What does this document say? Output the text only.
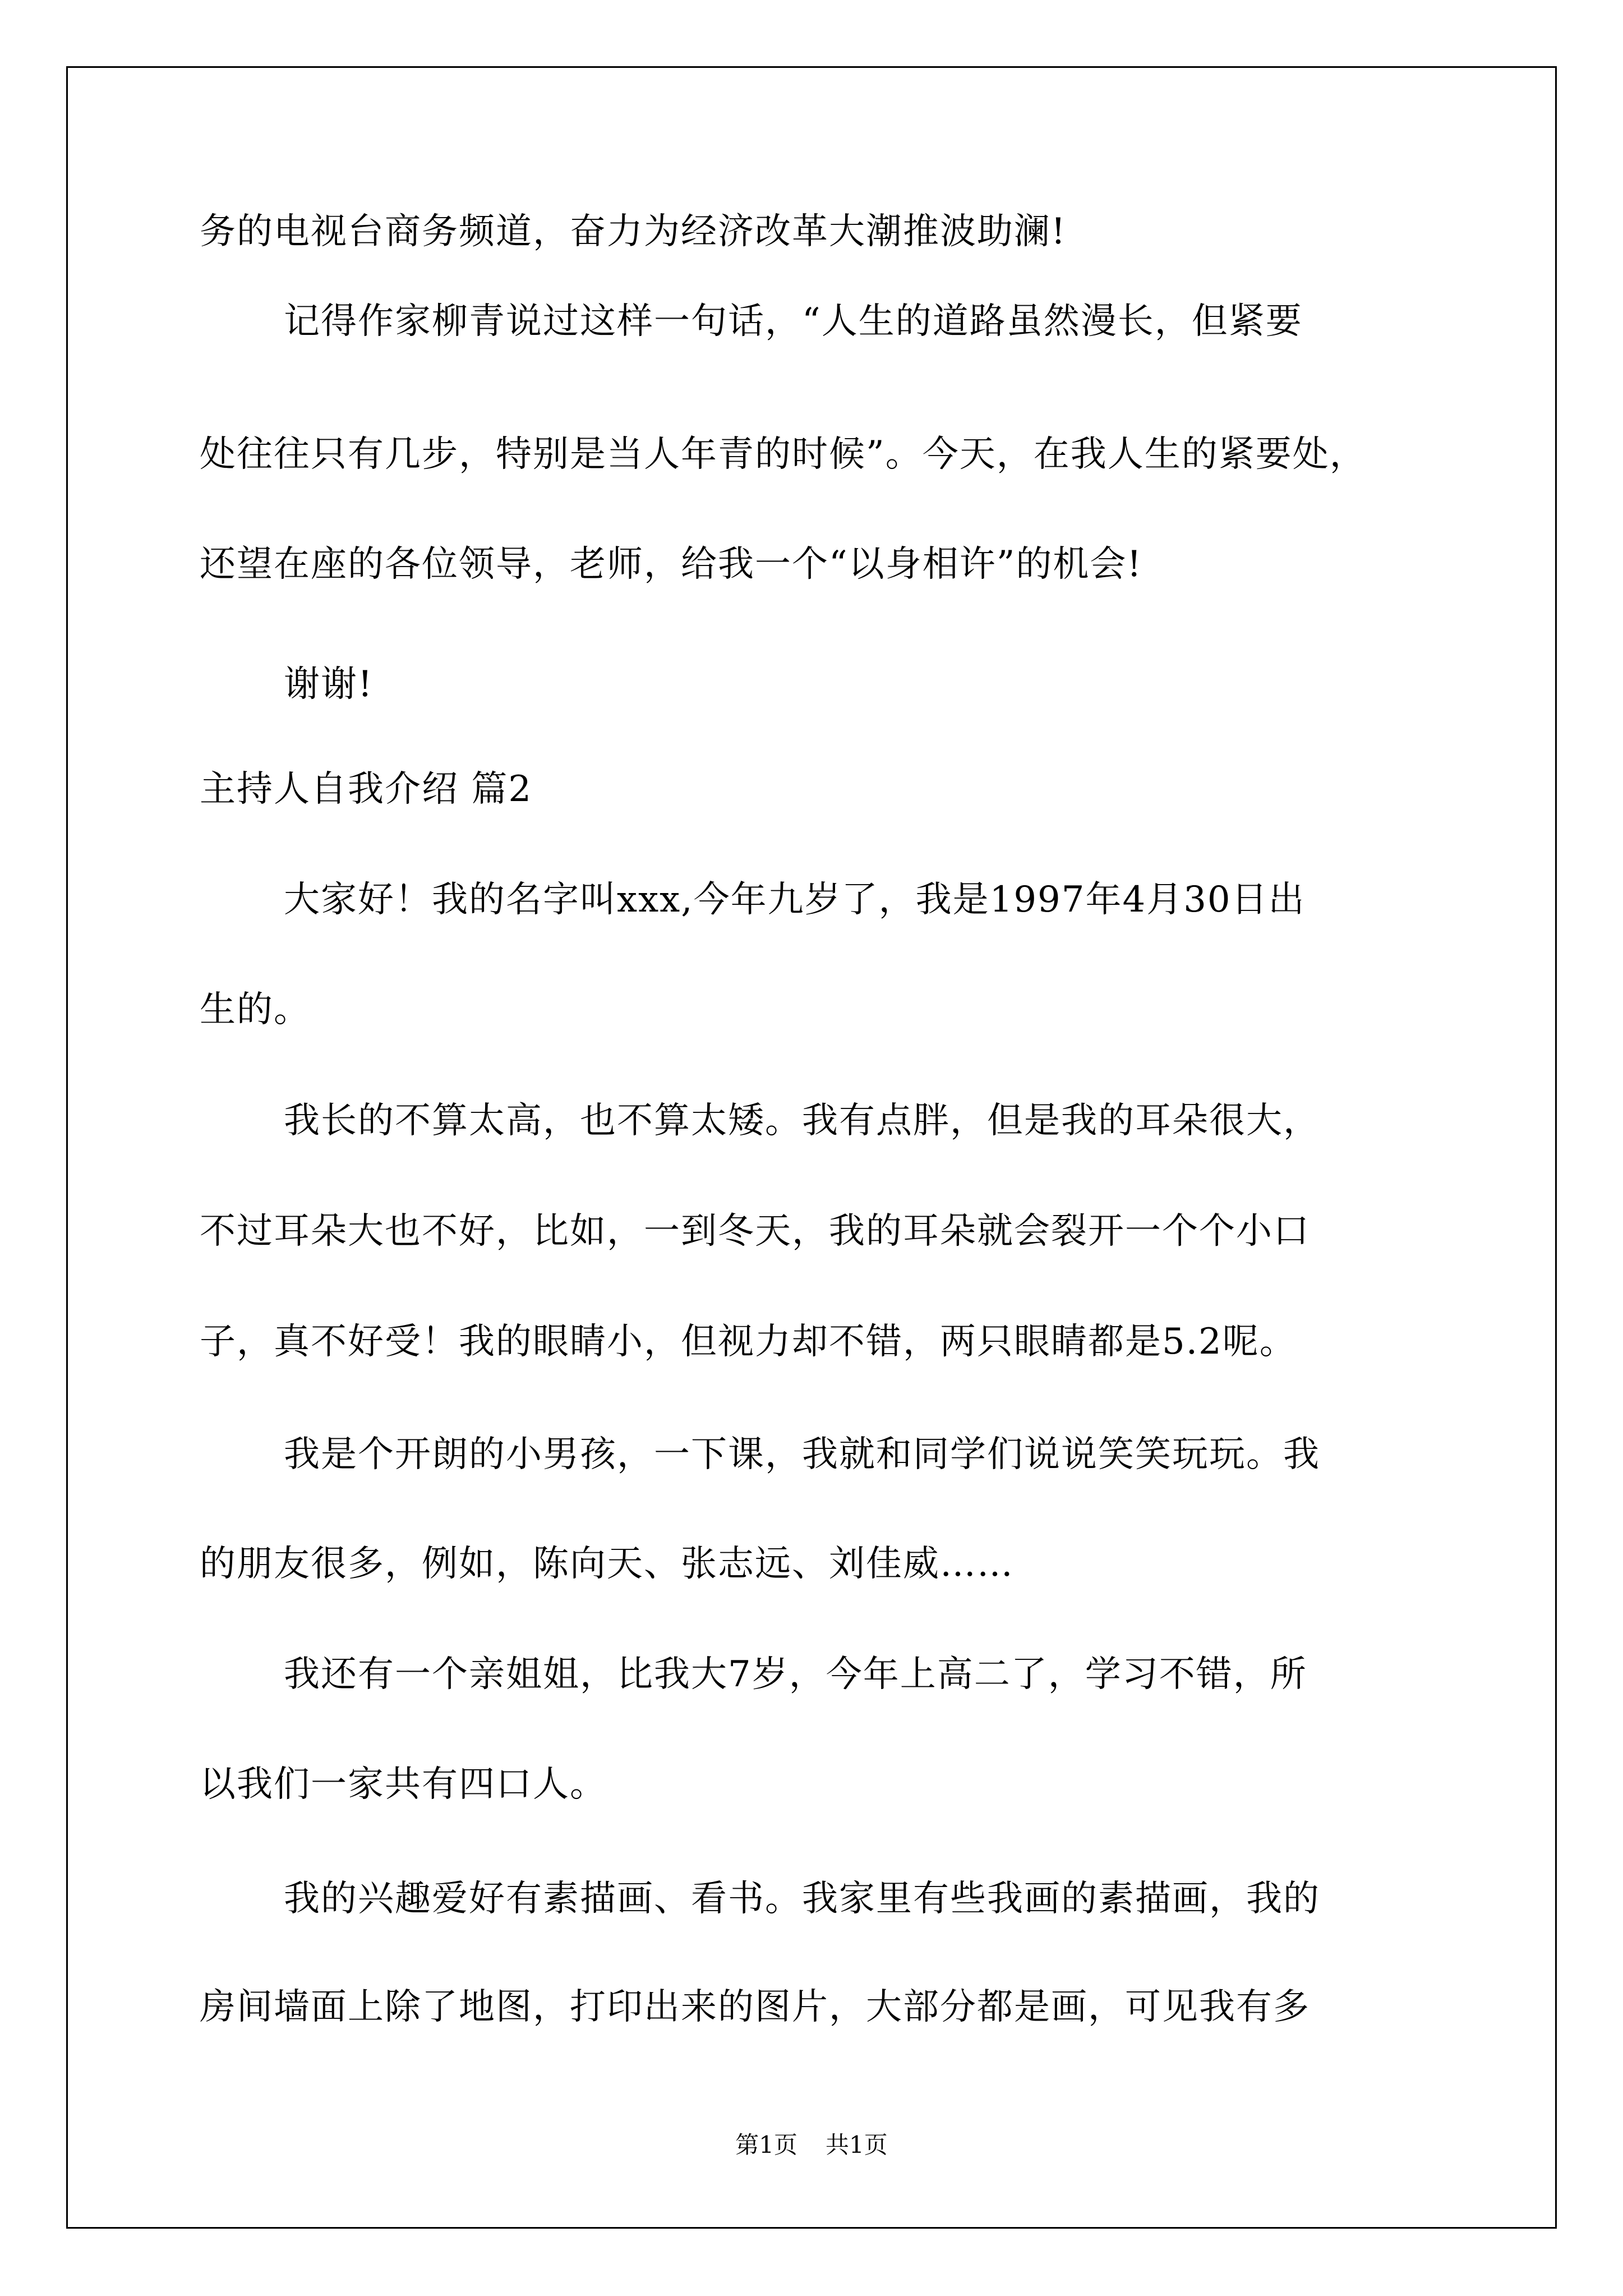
务的电视台商务频道，奋力为经济改革大潮推波助澜!
记得作家柳青说过这样一句话，“人生的道路虽然漫长，但紧要
处往往只有几步，特别是当人年青的时候”。今天，在我人生的紧要处，
还望在座的各位领导，老师，给我一个“以身相许”的机会!
谢谢!
主持人自我介绍 篇2
大家好！我的名字叫xxx,今年九岁了，我是1997年4月30日出
生的。
我长的不算太高，也不算太矮。我有点胖，但是我的耳朵很大，
不过耳朵大也不好，比如，一到冬天，我的耳朵就会裂开一个个小口
子，真不好受！我的眼睛小，但视力却不错，两只眼睛都是5.2呢。
我是个开朗的小男孩，一下课，我就和同学们说说笑笑玩玩。我
的朋友很多，例如，陈向天、张志远、刘佳威……
我还有一个亲姐姐，比我大7岁，今年上高二了，学习不错，所
以我们一家共有四口人。
我的兴趣爱好有素描画、看书。我家里有些我画的素描画，我的
房间墙面上除了地图，打印出来的图片，大部分都是画，可见我有多
第1页 共1页
